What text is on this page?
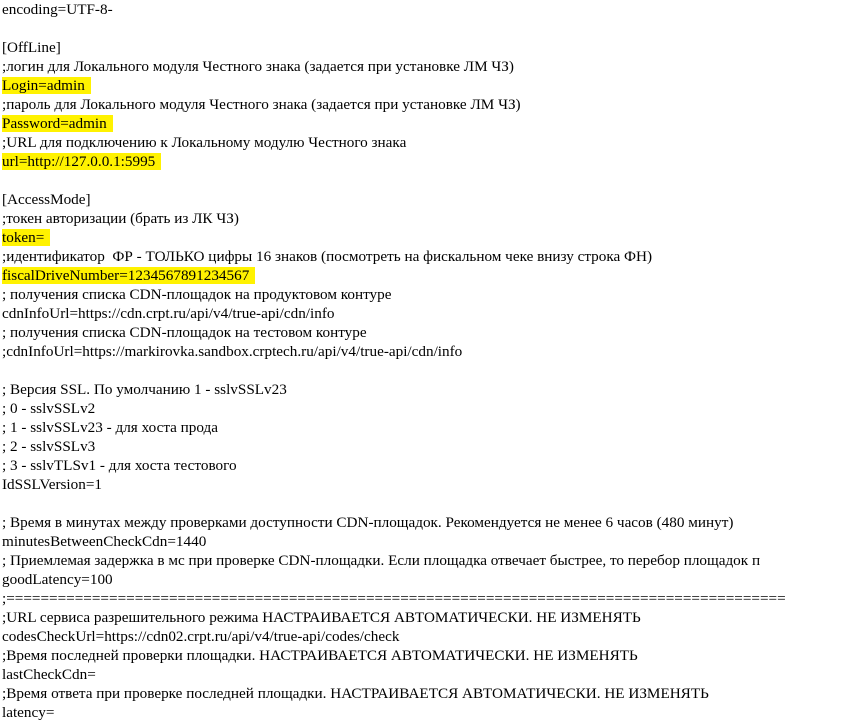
encoding=UTF-8-
[OffLine]
;логин для Локального модуля Честного знака (задается при установке ЛМ ЧЗ)
Login=admin
;пароль для Локального модуля Честного знака (задается при установке ЛМ ЧЗ)
Password=admin
;URL для подключению к Локальному модулю Честного знака
url=http://127.0.0.1:5995
[AccessMode]
;токен авторизации (брать из ЛК ЧЗ)
token=
;идентификатор  ФР - ТОЛЬКО цифры 16 знаков (посмотреть на фискальном чеке внизу строка ФН)
fiscalDriveNumber=1234567891234567
; получения списка CDN-площадок на продуктовом контуре
cdnInfoUrl=https://cdn.crpt.ru/api/v4/true-api/cdn/info
; получения списка CDN-площадок на тестовом контуре
;cdnInfoUrl=https://markirovka.sandbox.crptech.ru/api/v4/true-api/cdn/info
; Версия SSL. По умолчанию 1 - sslvSSLv23
; 0 - sslvSSLv2
; 1 - sslvSSLv23 - для хоста прода
; 2 - sslvSSLv3
; 3 - sslvTLSv1 - для хоста тестового
IdSSLVersion=1
; Время в минутах между проверками доступности CDN-площадок. Рекомендуется не менее 6 часов (480 минут)
minutesBetweenCheckCdn=1440
; Приемлемая задержка в мс при проверке CDN-площадки. Если площадка отвечает быстрее, то перебор площадок п
goodLatency=100
;===========================================================================================
;URL сервиса разрешительного режима НАСТРАИВАЕТСЯ АВТОМАТИЧЕСКИ. НЕ ИЗМЕНЯТЬ
codesCheckUrl=https://cdn02.crpt.ru/api/v4/true-api/codes/check
;Время последней проверки площадки. НАСТРАИВАЕТСЯ АВТОМАТИЧЕСКИ. НЕ ИЗМЕНЯТЬ
lastCheckCdn=
;Время ответа при проверке последней площадки. НАСТРАИВАЕТСЯ АВТОМАТИЧЕСКИ. НЕ ИЗМЕНЯТЬ
latency=
